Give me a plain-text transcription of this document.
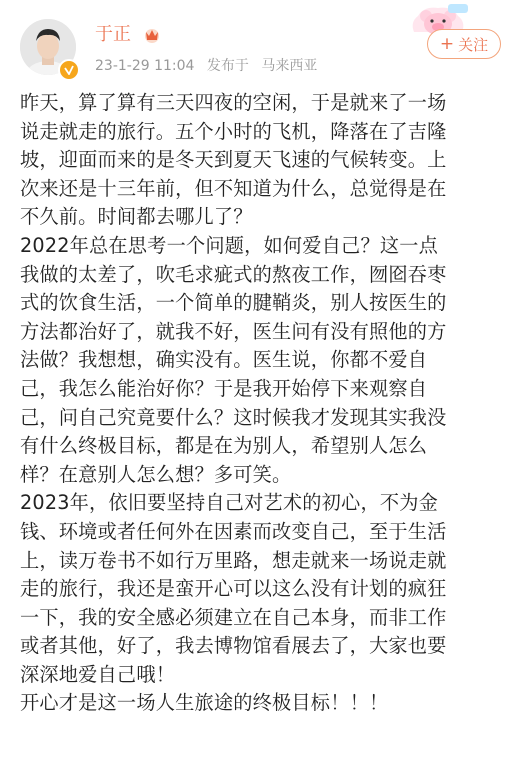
于正
23-1-29 11:04 发布于 马来西亚
+ 关注

昨天，算了算有三天四夜的空闲，于是就来了一场

说走就走的旅行。五个小时的飞机，降落在了吉隆

坡，迎面而来的是冬天到夏天飞速的气候转变。上

次来还是十三年前，但不知道为什么，总觉得是在

不久前。时间都去哪儿了？

2022年总在思考一个问题，如何爱自己？这一点

我做的太差了，吹毛求疵式的熬夜工作，囫囵吞枣

式的饮食生活，一个简单的腱鞘炎，别人按医生的

方法都治好了，就我不好，医生问有没有照他的方

法做？我想想，确实没有。医生说，你都不爱自

己，我怎么能治好你？于是我开始停下来观察自

己，问自己究竟要什么？这时候我才发现其实我没

有什么终极目标，都是在为别人，希望别人怎么

样？在意别人怎么想？多可笑。

2023年，依旧要坚持自己对艺术的初心，不为金

钱、环境或者任何外在因素而改变自己，至于生活

上，读万卷书不如行万里路，想走就来一场说走就

走的旅行，我还是蛮开心可以这么没有计划的疯狂

一下，我的安全感必须建立在自己本身，而非工作

或者其他，好了，我去博物馆看展去了，大家也要

深深地爱自己哦！

开心才是这一场人生旅途的终极目标！！！
